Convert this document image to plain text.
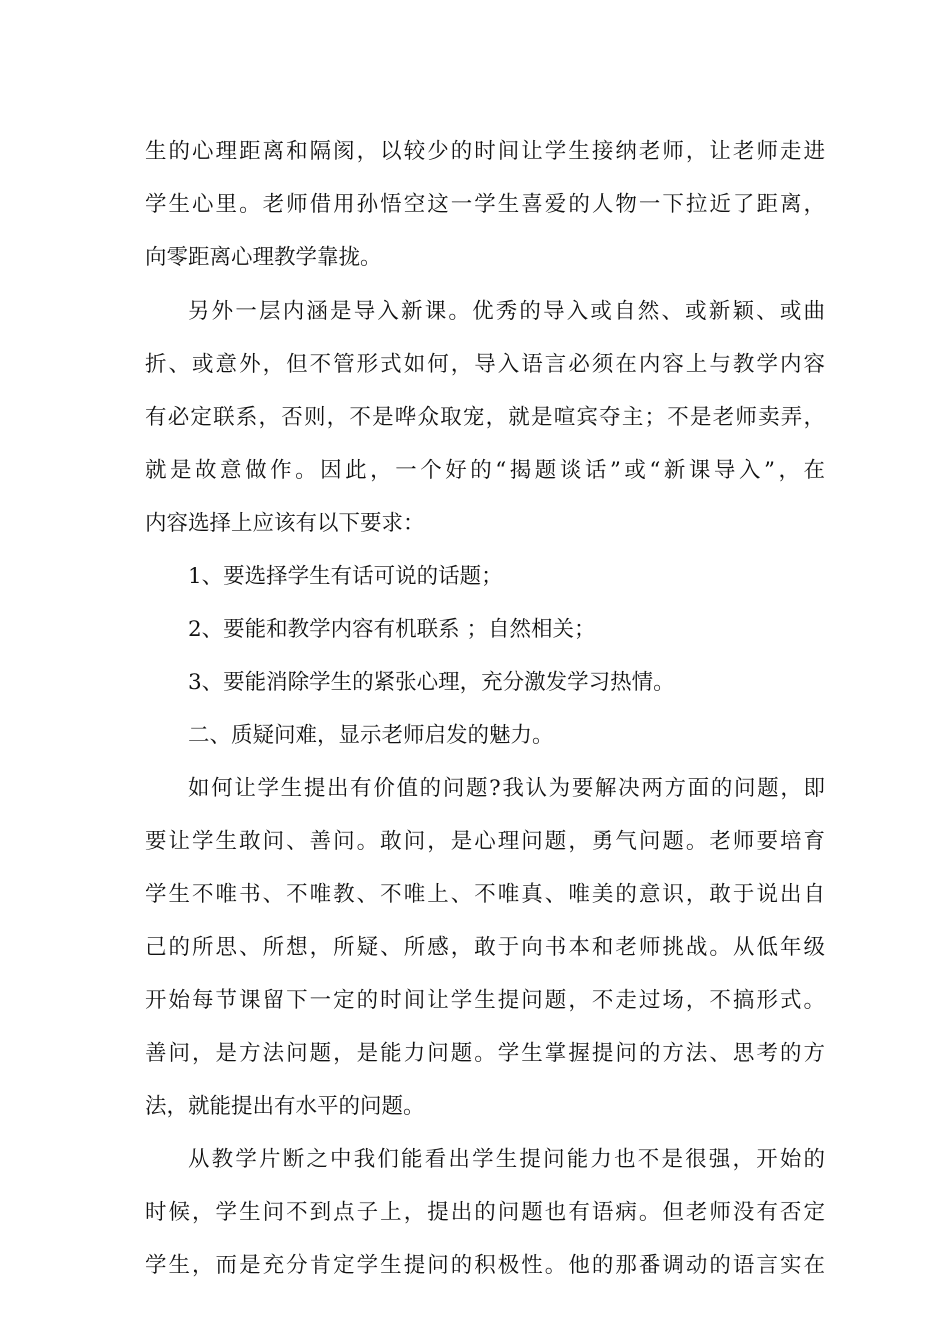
生的心理距离和隔阂，以较少的时间让学生接纳老师，让老师走进
学生心里。老师借用孙悟空这一学生喜爱的人物一下拉近了距离，
向零距离心理教学靠拢。
另外一层内涵是导入新课。优秀的导入或自然、或新颖、或曲
折、或意外，但不管形式如何，导入语言必须在内容上与教学内容
有必定联系，否则，不是哗众取宠，就是喧宾夺主；不是老师卖弄，
就是故意做作。因此，一个好的“揭题谈话”或“新课导入”，在
内容选择上应该有以下要求：
1、要选择学生有话可说的话题；
2、要能和教学内容有机联系 ；自然相关；
3、要能消除学生的紧张心理，充分激发学习热情。
二、质疑问难，显示老师启发的魅力。
如何让学生提出有价值的问题?我认为要解决两方面的问题，即
要让学生敢问、善问。敢问，是心理问题，勇气问题。老师要培育
学生不唯书、不唯教、不唯上、不唯真、唯美的意识，敢于说出自
己的所思、所想，所疑、所感，敢于向书本和老师挑战。从低年级
开始每节课留下一定的时间让学生提问题，不走过场，不搞形式。
善问，是方法问题，是能力问题。学生掌握提问的方法、思考的方
法，就能提出有水平的问题。
从教学片断之中我们能看出学生提问能力也不是很强，开始的
时候，学生问不到点子上，提出的问题也有语病。但老师没有否定
学生，而是充分肯定学生提问的积极性。他的那番调动的语言实在
